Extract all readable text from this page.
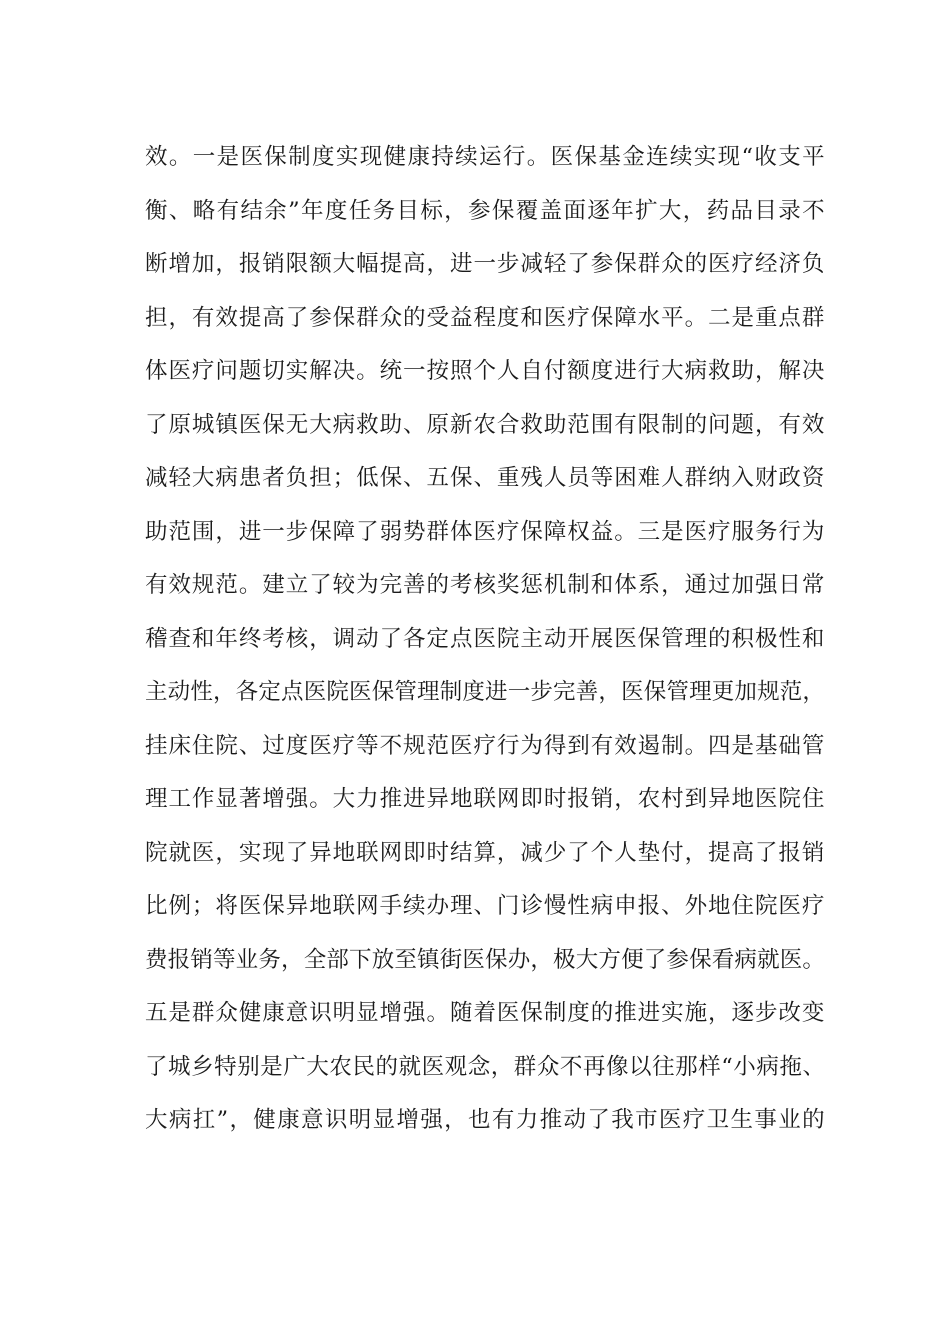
效。一是医保制度实现健康持续运行。医保基金连续实现“收支平
衡、略有结余”年度任务目标，参保覆盖面逐年扩大，药品目录不
断增加，报销限额大幅提高，进一步减轻了参保群众的医疗经济负
担，有效提高了参保群众的受益程度和医疗保障水平。二是重点群
体医疗问题切实解决。统一按照个人自付额度进行大病救助，解决
了原城镇医保无大病救助、原新农合救助范围有限制的问题，有效
减轻大病患者负担；低保、五保、重残人员等困难人群纳入财政资
助范围，进一步保障了弱势群体医疗保障权益。三是医疗服务行为
有效规范。建立了较为完善的考核奖惩机制和体系，通过加强日常
稽查和年终考核，调动了各定点医院主动开展医保管理的积极性和
主动性，各定点医院医保管理制度进一步完善，医保管理更加规范，
挂床住院、过度医疗等不规范医疗行为得到有效遏制。四是基础管
理工作显著增强。大力推进异地联网即时报销，农村到异地医院住
院就医，实现了异地联网即时结算，减少了个人垫付，提高了报销
比例；将医保异地联网手续办理、门诊慢性病申报、外地住院医疗
费报销等业务，全部下放至镇街医保办，极大方便了参保看病就医。
五是群众健康意识明显增强。随着医保制度的推进实施，逐步改变
了城乡特别是广大农民的就医观念，群众不再像以往那样“小病拖、
大病扛”，健康意识明显增强，也有力推动了我市医疗卫生事业的
